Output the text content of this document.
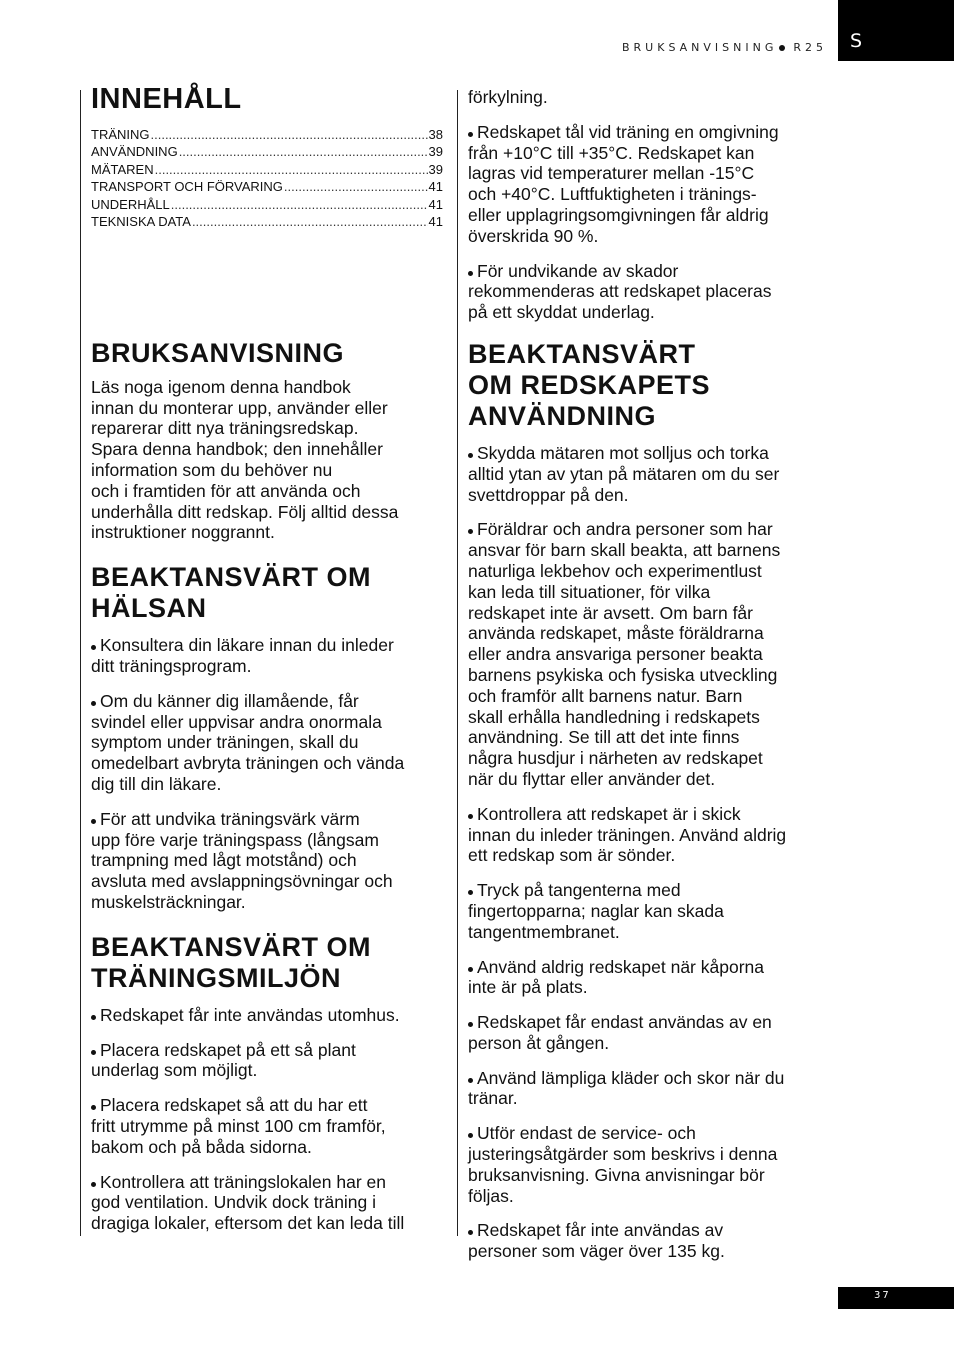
BRUKSANVISNING R25 S
37
INNEHÅLL
TRÄNING .....	38
ANVÄNDNING .....	39
MÄTAREN .....	39
TRANSPORT OCH FÖRVARING .....	41
UNDERHÅLL .....	41
TEKNISKA DATA .....	41
BRUKSANVISNING

Läs noga igenom denna handbok

innan du monterar upp, använder eller

reparerar ditt nya träningsredskap.

Spara denna handbok; den innehåller

information som du behöver nu

och i framtiden för att använda och

underhålla ditt redskap. Följ alltid dessa

instruktioner noggrannt.

BEAKTANSVÄRT OM
HÄLSAN

Konsultera din läkare innan du inleder

ditt träningsprogram.

Om du känner dig illamående, får

svindel eller uppvisar andra onormala

symptom under träningen, skall du

omedelbart avbryta träningen och vända

dig till din läkare.

För att undvika träningsvärk värm

upp före varje träningspass (långsam

trampning med lågt motstånd) och

avsluta med avslappningsövningar och

muskelsträckningar.

BEAKTANSVÄRT OM
TRÄNINGSMILJÖN

Redskapet får inte användas utomhus.

Placera redskapet på ett så plant

underlag som möjligt.

Placera redskapet så att du har ett

fritt utrymme på minst 100 cm framför,

bakom och på båda sidorna.

Kontrollera att träningslokalen har en

god ventilation. Undvik dock träning i

dragiga lokaler, eftersom det kan leda till

förkylning.

Redskapet tål vid träning en omgivning

från +10°C till +35°C. Redskapet kan

lagras vid temperaturer mellan -15°C

och +40°C. Luftfuktigheten i tränings-

eller upplagringsomgivningen får aldrig

överskrida 90 %.

För undvikande av skador

rekommenderas att redskapet placeras

på ett skyddat underlag.

BEAKTANSVÄRT
OM REDSKAPETS
ANVÄNDNING

Skydda mätaren mot solljus och torka

alltid ytan av ytan på mätaren om du ser

svettdroppar på den.

Föräldrar och andra personer som har

ansvar för barn skall beakta, att barnens

naturliga lekbehov och experimentlust

kan leda till situationer, för vilka

redskapet inte är avsett. Om barn får

använda redskapet, måste föräldrarna

eller andra ansvariga personer beakta

barnens psykiska och fysiska utveckling

och framför allt barnens natur. Barn

skall erhålla handledning i redskapets

användning. Se till att det inte finns

några husdjur i närheten av redskapet

när du flyttar eller använder det.

Kontrollera att redskapet är i skick

innan du inleder träningen. Använd aldrig

ett redskap som är sönder.

Tryck på tangenterna med

fingertopparna; naglar kan skada

tangentmembranet.

Använd aldrig redskapet när kåporna

inte är på plats.

Redskapet får endast användas av en

person åt gången.

Använd lämpliga kläder och skor när du

tränar.

Utför endast de service- och

justeringsåtgärder som beskrivs i denna

bruksanvisning. Givna anvisningar bör

följas.

Redskapet får inte användas av

personer som väger över 135 kg.
